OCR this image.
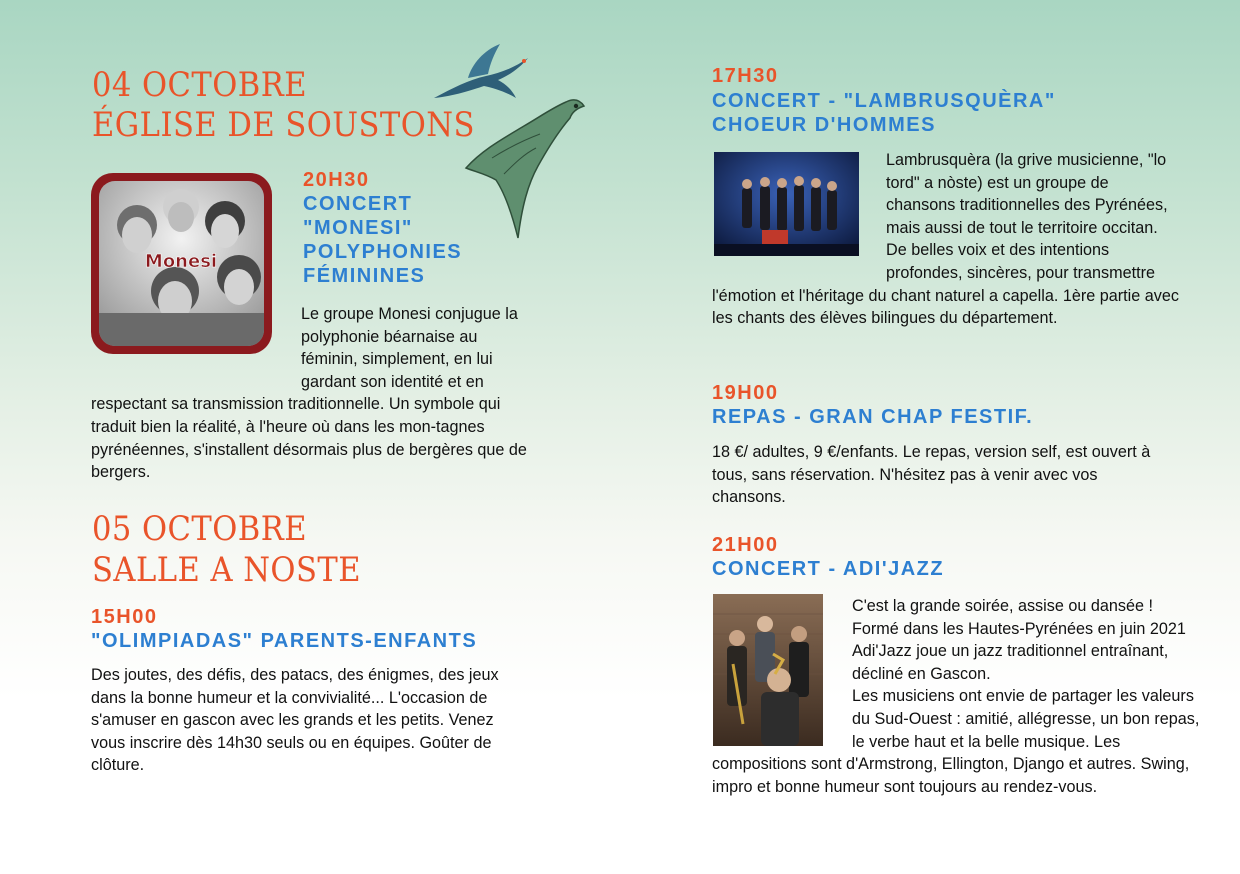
04 OCTOBRE
ÉGLISE DE SOUSTONS
Monesi
20H30
CONCERT
"MONESI"
POLYPHONIES
FÉMININES
Le groupe Monesi conjugue la polyphonie béarnaise au féminin, simplement, en lui gardant son identité et en respectant sa transmission traditionnelle. Un symbole qui traduit bien la réalité, à l'heure où dans les mon-tagnes pyrénéennes, s'installent désormais plus de bergères que de bergers.
05 OCTOBRE
SALLE A NOSTE
15H00
"OLIMPIADAS" PARENTS-ENFANTS
Des joutes, des défis, des patacs, des énigmes, des jeux dans la bonne humeur et la convivialité... L'occasion de s'amuser en gascon avec les grands et les petits. Venez vous inscrire dès 14h30 seuls ou en équipes. Goûter de clôture.
17H30
CONCERT - "LAMBRUSQUÈRA"
CHOEUR D'HOMMES
Lambrusquèra (la grive musicienne, "lo tord" a nòste) est un groupe de chansons traditionnelles des Pyrénées, mais aussi de tout le territoire occitan. De belles voix et des intentions profondes, sincères, pour transmettre l'émotion et l'héritage du chant naturel a capella. 1ère partie avec les chants des élèves bilingues du département.
19H00
REPAS - GRAN CHAP FESTIF.
18 €/ adultes, 9 €/enfants. Le repas, version self, est ouvert à tous, sans réservation. N'hésitez pas à venir avec vos chansons.
21H00
CONCERT - ADI'JAZZ
C'est la grande soirée, assise ou dansée ! Formé dans les Hautes-Pyrénées en juin 2021 Adi'Jazz joue un jazz traditionnel entraînant, décliné en Gascon.
Les musiciens ont envie de partager les valeurs du Sud-Ouest : amitié, allégresse, un bon repas, le verbe haut et la belle musique. Les compositions sont d'Armstrong, Ellington, Django et autres. Swing, impro et bonne humeur sont toujours au rendez-vous.
